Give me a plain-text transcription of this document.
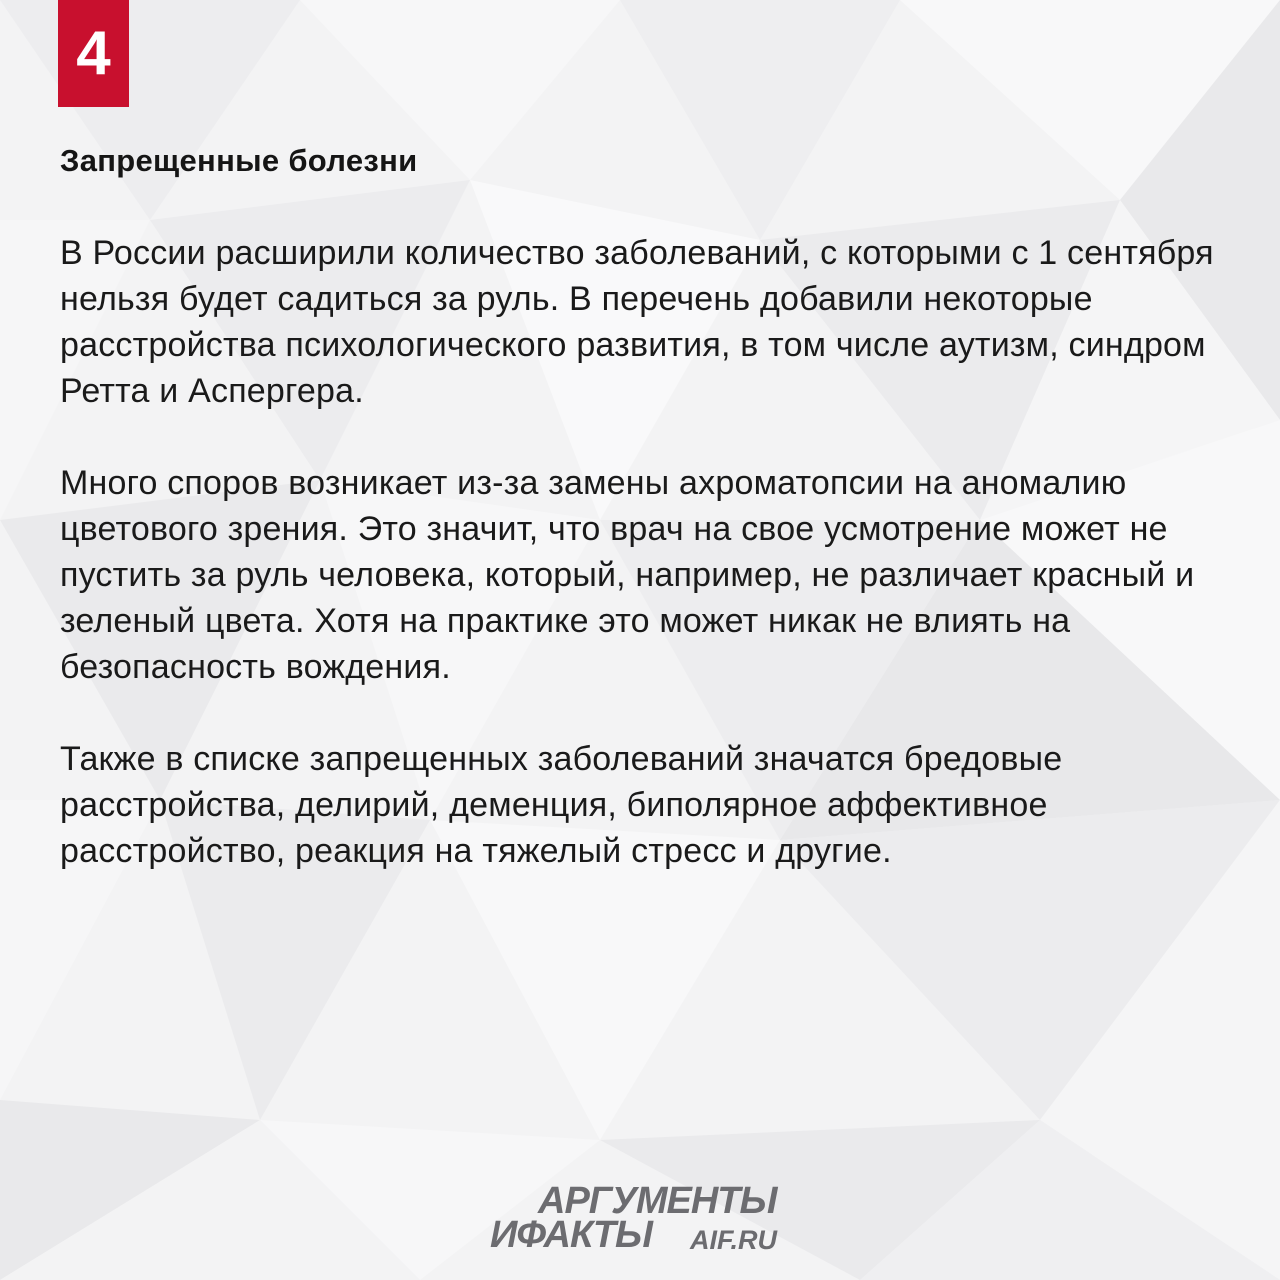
4
Запрещенные болезни

В России расширили количество заболеваний, с которыми с 1 сентября нельзя будет садиться за руль. В перечень добавили некоторые расстройства психологического развития, в том числе аутизм, синдром Ретта и Аспергера.

Много споров возникает из-за замены ахроматопсии на аномалию цветового зрения. Это значит, что врач на свое усмотрение может не пустить за руль человека, который, например, не различает красный и зеленый цвета. Хотя на практике это может никак не влиять на безопасность вождения.

Также в списке запрещенных заболеваний значатся бредовые расстройства, делирий, деменция, биполярное аффективное расстройство, реакция на тяжелый стресс и другие.

АРГУМЕНТЫ
ИФАКТЫ AIF.RU
